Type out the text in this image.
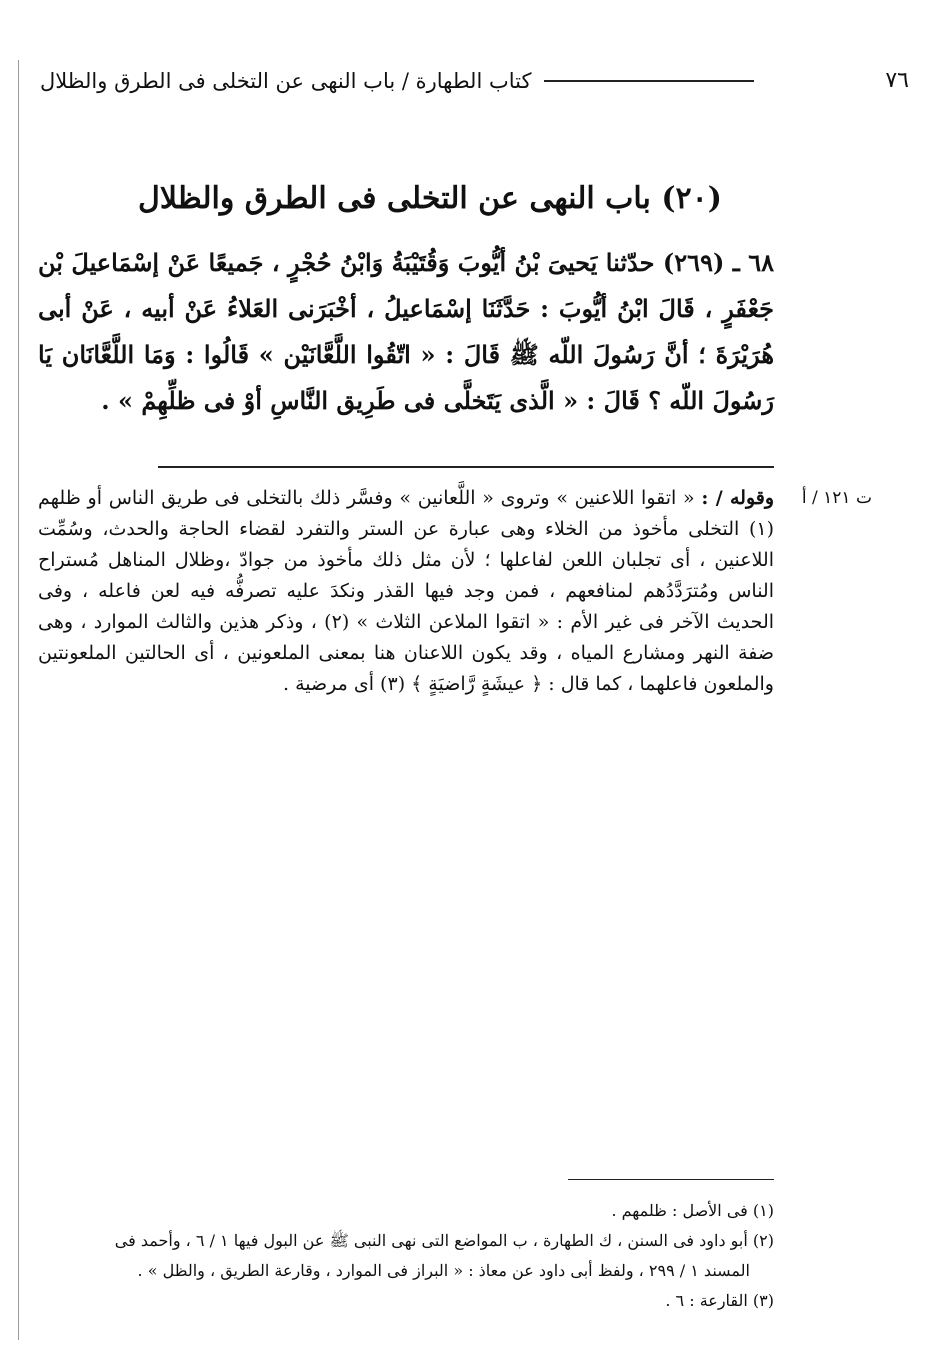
٧٦
كتاب الطهارة / باب النهى عن التخلى فى الطرق والظلال
(٢٠) باب النهى عن التخلى فى الطرق والظلال
٦٨ ـ (٢٦٩) حدّثنا يَحيىَ بْنُ أيُّوبَ وَقُتَيْبَةُ وَابْنُ حُجْرٍ ، جَميعًا عَنْ إسْمَاعيلَ بْن جَعْفَرٍ ، قَالَ ابْنُ أيُّوبَ : حَدَّثَنَا إسْمَاعيلُ ، أخْبَرَنى العَلاءُ عَنْ أبيه ، عَنْ أبى هُرَيْرَةَ ؛ أنَّ رَسُولَ اللّه ﷺ قَالَ : « اتّقُوا اللَّعَّانَيْن » قَالُوا : وَمَا اللَّعَّانَان يَا رَسُولَ اللّه ؟ قَالَ : « الَّذى يَتَخلَّى فى طَرِيق النَّاسِ أوْ فى ظلِّهِمْ » .
ت ١٢١ / أ
وقوله / : « اتقوا اللاعنين » وتروى « اللَّعانين » وفسَّر ذلك بالتخلى فى طريق الناس أو ظلهم (١) التخلى مأخوذ من الخلاء وهى عبارة عن الستر والتفرد لقضاء الحاجة والحدث، وسُمِّت اللاعنين ، أى تجلبان اللعن لفاعلها ؛ لأن مثل ذلك مأخوذ من جوادّ ،وظلال المناهل مُستراح الناس ومُترَدَّدُهم لمنافعهم ، فمن وجد فيها القذر ونكدَ عليه تصرفُّه فيه لعن فاعله ، وفى الحديث الآخر فى غير الأم : « اتقوا الملاعن الثلاث » (٢) ، وذكر هذين والثالث الموارد ، وهى ضفة النهر ومشارع المياه ، وقد يكون اللاعنان هنا بمعنى الملعونين ، أى الحالتين الملعونتين والملعون فاعلهما ، كما قال : ﴿ عيشَةٍ رَّاضيَةٍ ﴾ (٣) أى مرضية .

(١) فى الأصل : ظلمهم .

(٢) أبو داود فى السنن ، ك الطهارة ، ب المواضع التى نهى النبى ﷺ عن البول فيها ١ / ٦ ، وأحمد فى

المسند ١ / ٢٩٩ ، ولفظ أبى داود عن معاذ : « البراز فى الموارد ، وقارعة الطريق ، والظل » .

(٣) القارعة : ٦ .
